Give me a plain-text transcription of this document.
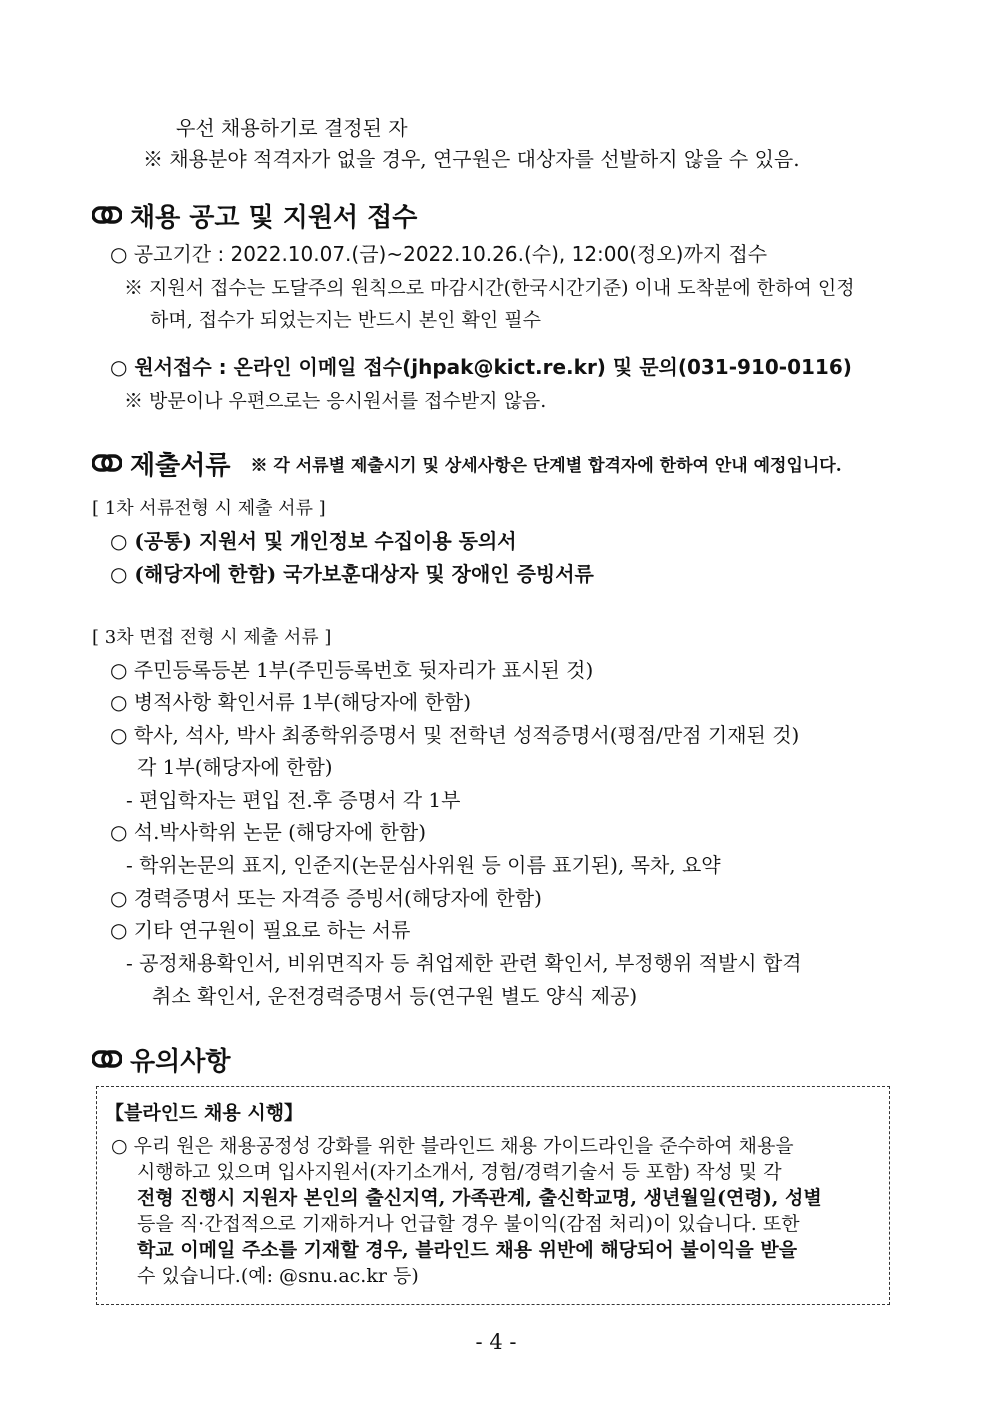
우선 채용하기로 결정된 자
※ 채용분야 적격자가 없을 경우, 연구원은 대상자를 선발하지 않을 수 있음.
채용 공고 및 지원서 접수
○ 공고기간 : 2022.10.07.(금)~2022.10.26.(수), 12:00(정오)까지 접수
※ 지원서 접수는 도달주의 원칙으로 마감시간(한국시간기준) 이내 도착분에 한하여 인정
하며, 접수가 되었는지는 반드시 본인 확인 필수
○ 원서접수 : 온라인 이메일 접수(jhpak@kict.re.kr) 및 문의(031-910-0116)
※ 방문이나 우편으로는 응시원서를 접수받지 않음.
제출서류 ※ 각 서류별 제출시기 및 상세사항은 단계별 합격자에 한하여 안내 예정입니다.
[ 1차 서류전형 시 제출 서류 ]
○ (공통) 지원서 및 개인정보 수집이용 동의서
○ (해당자에 한함) 국가보훈대상자 및 장애인 증빙서류
[ 3차 면접 전형 시 제출 서류 ]
○ 주민등록등본 1부(주민등록번호 뒷자리가 표시된 것)
○ 병적사항 확인서류 1부(해당자에 한함)
○ 학사, 석사, 박사 최종학위증명서 및 전학년 성적증명서(평점/만점 기재된 것)
각 1부(해당자에 한함)
- 편입학자는 편입 전.후 증명서 각 1부
○ 석.박사학위 논문 (해당자에 한함)
- 학위논문의 표지, 인준지(논문심사위원 등 이름 표기된), 목차, 요약
○ 경력증명서 또는 자격증 증빙서(해당자에 한함)
○ 기타 연구원이 필요로 하는 서류
- 공정채용확인서, 비위면직자 등 취업제한 관련 확인서, 부정행위 적발시 합격
취소 확인서, 운전경력증명서 등(연구원 별도 양식 제공)
유의사항
【블라인드 채용 시행】
○ 우리 원은 채용공정성 강화를 위한 블라인드 채용 가이드라인을 준수하여 채용을
시행하고 있으며 입사지원서(자기소개서, 경험/경력기술서 등 포함) 작성 및 각
전형 진행시 지원자 본인의 출신지역, 가족관계, 출신학교명, 생년월일(연령), 성별
등을 직·간접적으로 기재하거나 언급할 경우 불이익(감점 처리)이 있습니다. 또한
학교 이메일 주소를 기재할 경우, 블라인드 채용 위반에 해당되어 불이익을 받을
수 있습니다.(예: @snu.ac.kr 등)
- 4 -
